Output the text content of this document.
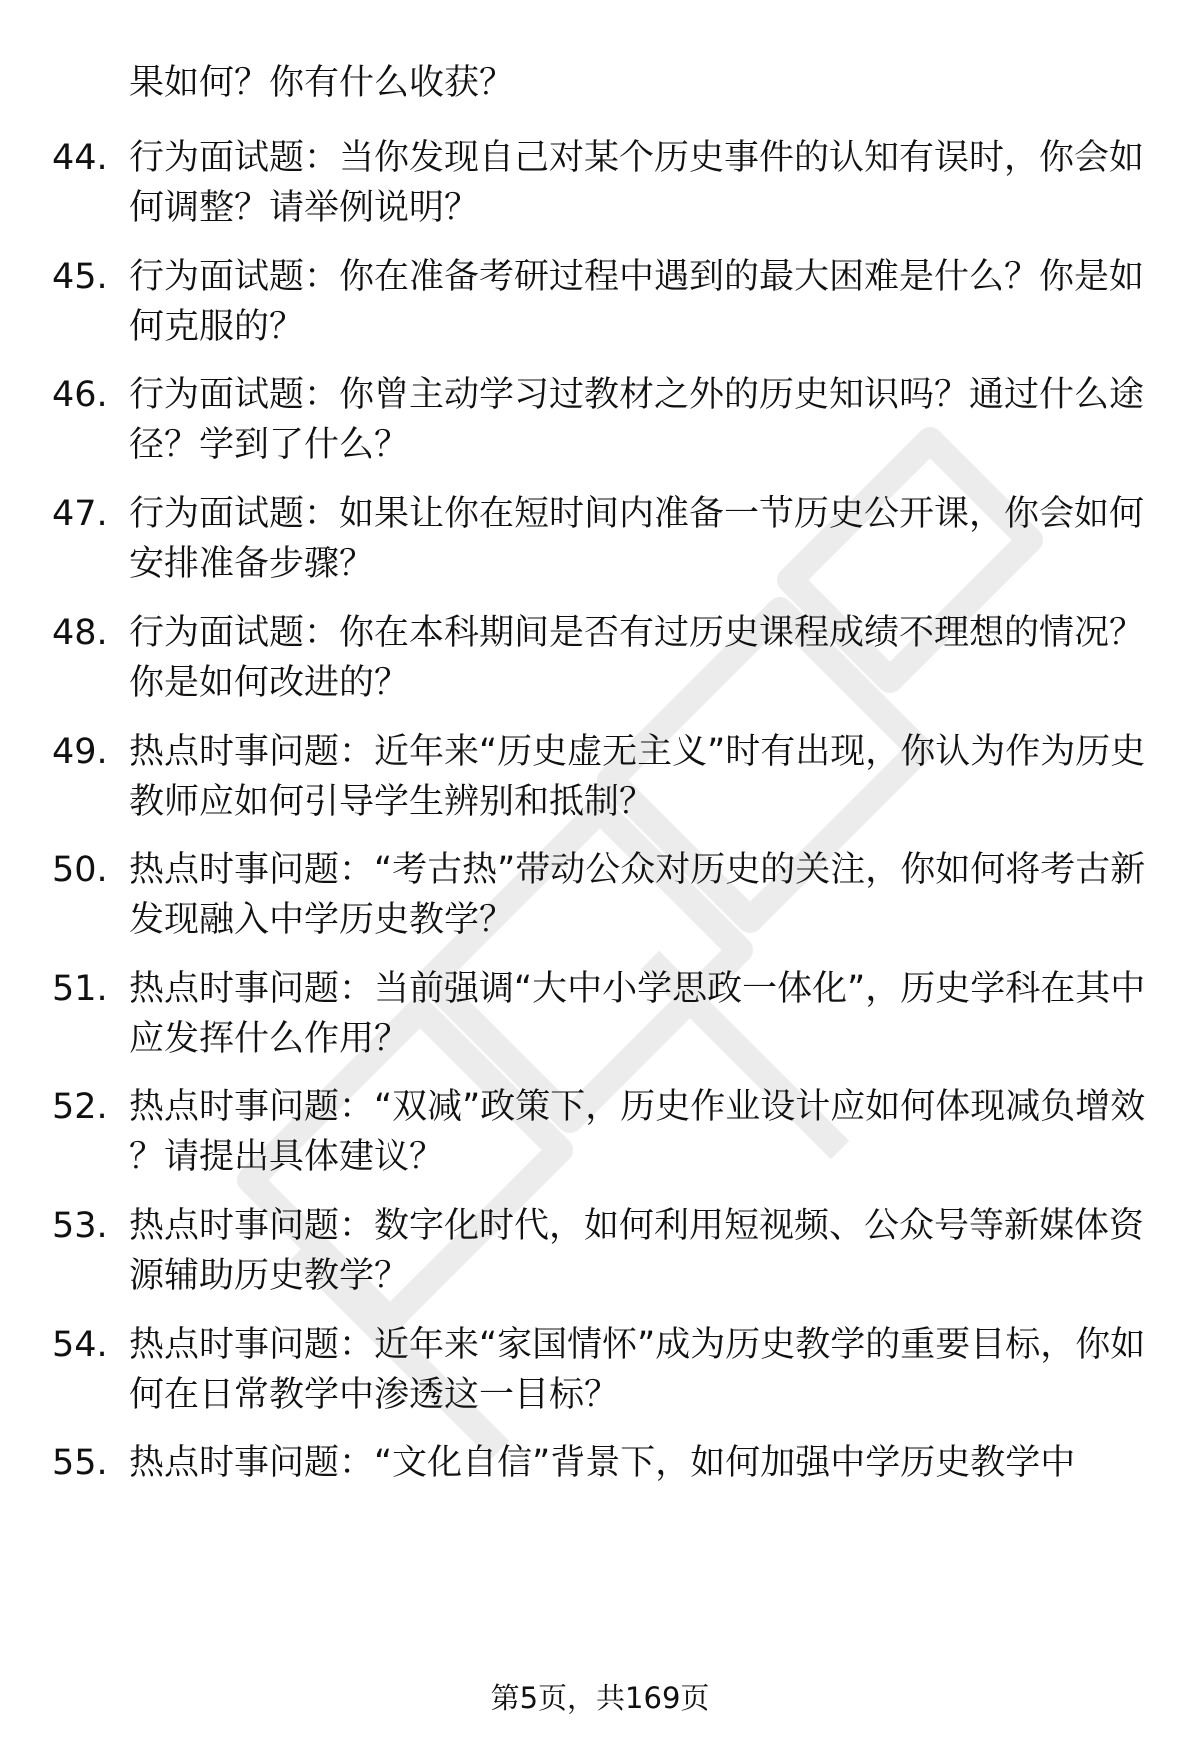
果如何？你有什么收获？
44. 行为面试题：当你发现自己对某个历史事件的认知有误时，你会如何调整？请举例说明？
45. 行为面试题：你在准备考研过程中遇到的最大困难是什么？你是如何克服的？
46. 行为面试题：你曾主动学习过教材之外的历史知识吗？通过什么途径？学到了什么？
47. 行为面试题：如果让你在短时间内准备一节历史公开课，你会如何安排准备步骤？
48. 行为面试题：你在本科期间是否有过历史课程成绩不理想的情况？你是如何改进的？
49. 热点时事问题：近年来“历史虚无主义”时有出现，你认为作为历史教师应如何引导学生辨别和抵制？
50. 热点时事问题：“考古热”带动公众对历史的关注，你如何将考古新发现融入中学历史教学？
51. 热点时事问题：当前强调“大中小学思政一体化”，历史学科在其中应发挥什么作用？
52. 热点时事问题：“双减”政策下，历史作业设计应如何体现减负增效？请提出具体建议？
53. 热点时事问题：数字化时代，如何利用短视频、公众号等新媒体资源辅助历史教学？
54. 热点时事问题：近年来“家国情怀”成为历史教学的重要目标，你如何在日常教学中渗透这一目标？
55. 热点时事问题：“文化自信”背景下，如何加强中学历史教学中
第5页，共169页
